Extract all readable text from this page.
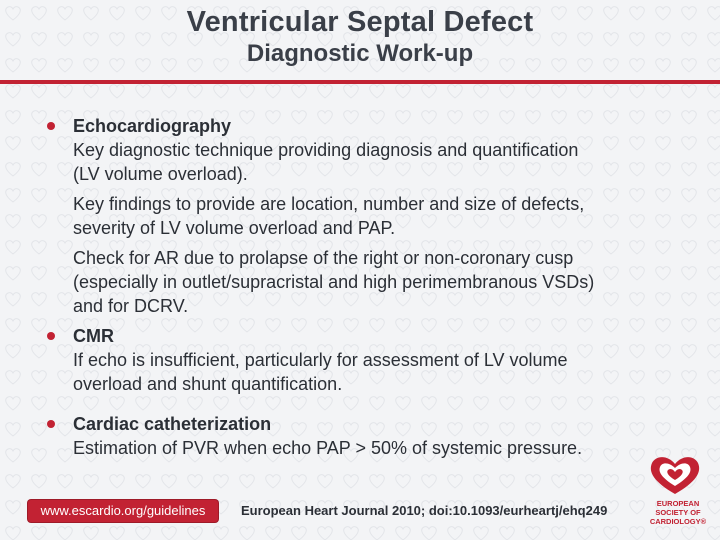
Ventricular Septal Defect
Diagnostic Work-up
Echocardiography
Key diagnostic technique providing diagnosis and quantification
(LV volume overload).
Key findings to provide are location, number and size of defects,
severity of LV volume overload and PAP.
Check for AR due to prolapse of the right or non-coronary cusp
(especially in outlet/supracristal and high perimembranous VSDs)
and for DCRV.
CMR
If echo is insufficient, particularly for assessment of LV volume
overload and shunt quantification.
Cardiac catheterization
Estimation of PVR when echo PAP > 50% of systemic pressure.
www.escardio.org/guidelines	European Heart Journal 2010; doi:10.1093/eurheartj/ehq249	EUROPEAN
SOCIETY OF
CARDIOLOGY®
